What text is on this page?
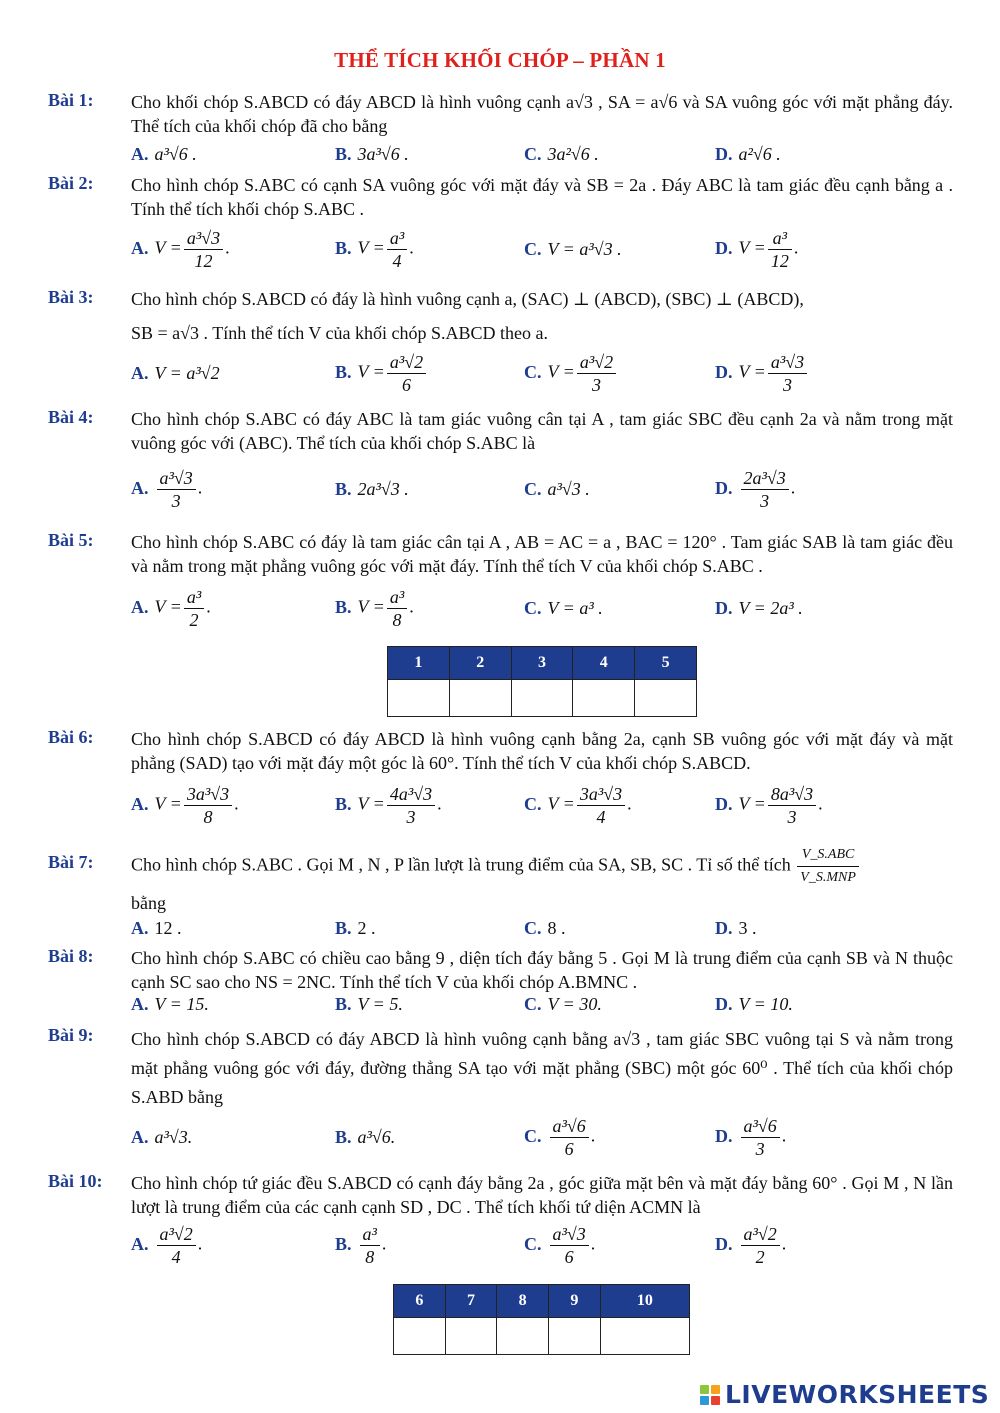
THỂ TÍCH KHỐI CHÓP – PHẦN 1
Bài 1: Cho khối chóp S.ABCD có đáy ABCD là hình vuông cạnh a√3 , SA = a√6 và SA vuông góc với mặt phẳng đáy. Thể tích của khối chóp đã cho bằng
A. a³√6 .	B. 3a³√6 .	C. 3a²√6 .	D. a²√6 .
Bài 2: Cho hình chóp S.ABC có cạnh SA vuông góc với mặt đáy và SB = 2a . Đáy ABC là tam giác đều cạnh bằng a . Tính thể tích khối chóp S.ABC .
A. $V = \frac{\text{a³√3}}{12}$ .	B. $V = \frac{\text{a³}}{4}$ .	C. V = a³√3 .	D. $V = \frac{\text{a³}}{12}$ .
Bài 3: Cho hình chóp S.ABCD có đáy là hình vuông cạnh a, (SAC) ⊥ (ABCD), (SBC) ⊥ (ABCD),
SB = a√3 . Tính thể tích V của khối chóp S.ABCD theo a.
A. V = a³√2	B. $V = \frac{\text{a³√2}}{6}$	C. $V = \frac{\text{a³√2}}{3}$	D. $V = \frac{\text{a³√3}}{3}$
Bài 4: Cho hình chóp S.ABC có đáy ABC là tam giác vuông cân tại A , tam giác SBC đều cạnh 2a và nằm trong mặt vuông góc với (ABC). Thể tích của khối chóp S.ABC là
A. $\frac{\text{a³√3}}{3}$ .	B. 2a³√3 .	C. a³√3 .	D. $\frac{\text{2a³√3}}{3}$ .
Bài 5: Cho hình chóp S.ABC có đáy là tam giác cân tại A , AB = AC = a , BAC = 120° . Tam giác SAB là tam giác đều và nằm trong mặt phẳng vuông góc với mặt đáy. Tính thể tích V của khối chóp S.ABC .
A. $V = \frac{\text{a³}}{2}$ .	B. $V = \frac{\text{a³}}{8}$ .	C. V = a³ .	D. V = 2a³ .
1	2	3	4	5

Bài 6: Cho hình chóp S.ABCD có đáy ABCD là hình vuông cạnh bằng 2a, cạnh SB vuông góc với mặt đáy và mặt phẳng (SAD) tạo với mặt đáy một góc là 60°. Tính thể tích V của khối chóp S.ABCD.
A. $V = \frac{\text{3a³√3}}{8}$ .	B. $V = \frac{\text{4a³√3}}{3}$ .	C. $V = \frac{\text{3a³√3}}{4}$ .	D. $V = \frac{\text{8a³√3}}{3}$ .
Bài 7: Cho hình chóp S.ABC . Gọi M , N , P lần lượt là trung điểm của SA, SB, SC . Tỉ số thể tích $\frac{\text{V\_S.ABC}}{\text{V\_S.MNP}}$
bằng
A. 12 .	B. 2 .	C. 8 .	D. 3 .
Bài 8: Cho hình chóp S.ABC có chiều cao bằng 9 , diện tích đáy bằng 5 . Gọi M là trung điểm của cạnh SB và N thuộc cạnh SC sao cho NS = 2NC. Tính thể tích V của khối chóp A.BMNC .
A. V = 15.	B. V = 5.	C. V = 30.	D. V = 10.
Bài 9: Cho hình chóp S.ABCD có đáy ABCD là hình vuông cạnh bằng a√3 , tam giác SBC vuông tại S và nằm trong mặt phẳng vuông góc với đáy, đường thẳng SA tạo với mặt phẳng (SBC) một góc 60⁰ . Thể tích của khối chóp S.ABD bằng
A. a³√3.	B. a³√6.	C. $\frac{\text{a³√6}}{6}$ .	D. $\frac{\text{a³√6}}{3}$ .
Bài 10: Cho hình chóp tứ giác đều S.ABCD có cạnh đáy bằng 2a , góc giữa mặt bên và mặt đáy bằng 60° . Gọi M , N lần lượt là trung điểm của các cạnh cạnh SD , DC . Thể tích khối tứ diện ACMN là
A. $\frac{\text{a³√2}}{4}$ .	B. $\frac{\text{a³}}{8}$ .	C. $\frac{\text{a³√3}}{6}$ .	D. $\frac{\text{a³√2}}{2}$ .
6	7	8	9	10

LIVEWORKSHEETS
